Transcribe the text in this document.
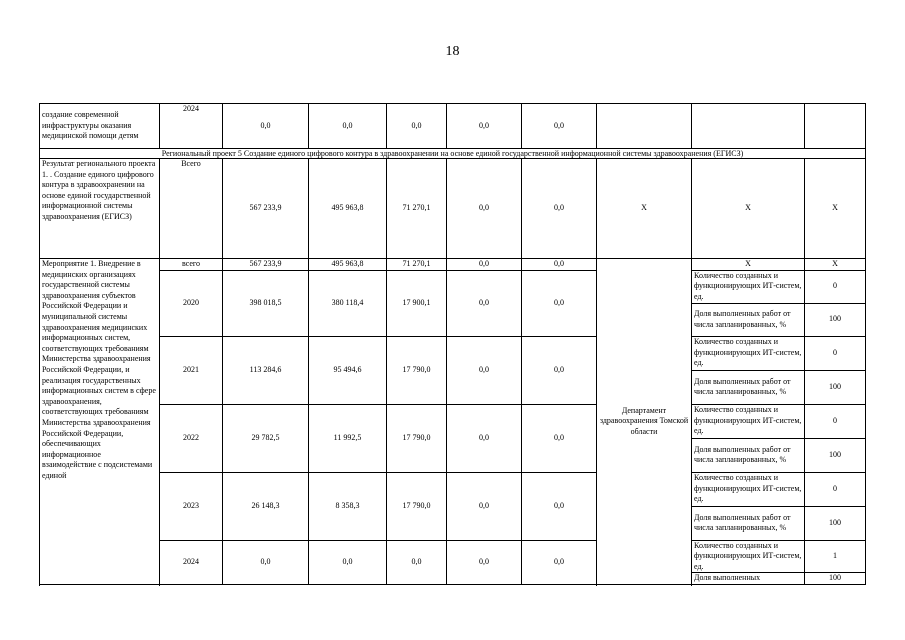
18
создание современной инфраструктуры оказания медицинской помощи детям	2024	0,0	0,0	0,0	0,0	0,0			
Региональный проект 5 Создание единого цифрового контура в здравоохранении на основе единой государственной информационной системы здравоохранения (ЕГИСЗ)									
Результат регионального проекта 1. . Создание единого цифрового контура в здравоохранении на основе единой государственной информационной системы здравоохранения (ЕГИСЗ)	Всего	567 233,9	495 963,8	71 270,1	0,0	0,0	Х	Х	Х
Мероприятие 1. Внедрение в медицинских организациях государственной системы здравоохранения субъектов Российской Федерации и муниципальной системы здравоохранения медицинских информационных систем, соответствующих требованиям Министерства здравоохранения Российской Федерации, и реализация государственных информационных систем в сфере здравоохранения, соответствующих требованиям Министерства здравоохранения Российской Федерации, обеспечивающих информационное взаимодействие с подсистемами единой	всего	567 233,9	495 963,8	71 270,1	0,0	0,0	Департамент здравоохранения Томской области	Х	Х
	2020	398 018,5	380 118,4	17 900,1	0,0	0,0		Количество созданных и функционирующих ИТ-систем, ед.	0
								Доля выполненных работ от числа запланированных, %	100
	2021	113 284,6	95 494,6	17 790,0	0,0	0,0		Количество созданных и функционирующих ИТ-систем, ед.	0
								Доля выполненных работ от числа запланированных, %	100
	2022	29 782,5	11 992,5	17 790,0	0,0	0,0		Количество созданных и функционирующих ИТ-систем, ед.	0
								Доля выполненных работ от числа запланированных, %	100
	2023	26 148,3	8 358,3	17 790,0	0,0	0,0		Количество созданных и функционирующих ИТ-систем, ед.	0
								Доля выполненных работ от числа запланированных, %	100
	2024	0,0	0,0	0,0	0,0	0,0		Количество созданных и функционирующих ИТ-систем, ед.	1
								Доля выполненных	100
